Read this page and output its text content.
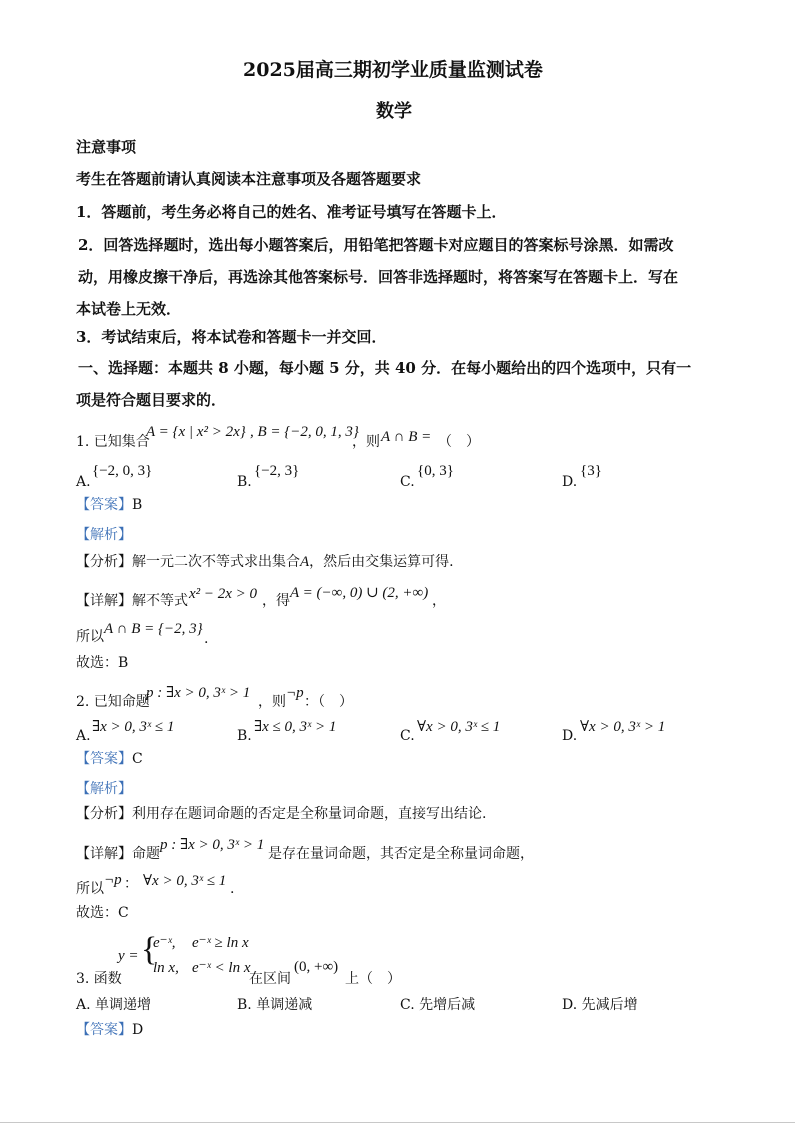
2025届高三期初学业质量监测试卷
数学
注意事项
考生在答题前请认真阅读本注意事项及各题答题要求
1．答题前，考生务必将自己的姓名、准考证号填写在答题卡上．
2．回答选择题时，选出每小题答案后，用铅笔把答题卡对应题目的答案标号涂黑．如需改
动，用橡皮擦干净后，再选涂其他答案标号．回答非选择题时，将答案写在答题卡上．写在
本试卷上无效．
3．考试结束后，将本试卷和答题卡一并交回．
一、选择题：本题共 8 小题，每小题 5 分，共 40 分．在每小题给出的四个选项中，只有一
项是符合题目要求的．
1. 已知集合
A = {x | x² > 2x} , B = {−2, 0, 1, 3}
，则 A ∩ B = （　）
A.
{−2, 0, 3}
B.
{−2, 3}
C.
{0, 3}
D.
{3}
【答案】B
【解析】
【分析】解一元二次不等式求出集合A，然后由交集运算可得.
【详解】 解不等式 x² − 2x > 0 ，得 A = (−∞, 0) ∪ (2, +∞) ，
所以 A ∩ B = {−2, 3}
.
故选：B
2. 已知命题
p : ∃x > 0, 3ˣ > 1
，则
¬p
：（　）
A.
∃x > 0, 3ˣ ≤ 1
B.
∃x ≤ 0, 3ˣ > 1
C.
∀x > 0, 3ˣ ≤ 1
D.
∀x > 0, 3ˣ > 1
【答案】C
【解析】
【分析】利用存在题词命题的否定是全称量词命题，直接写出结论.
【详解】 命题
p : ∃x > 0, 3ˣ > 1
是存在量词命题，其否定是全称量词命题，
所以
¬p ： ∀x > 0, 3ˣ ≤ 1 .
故选：C
3. 函数
y = {
e⁻ˣ, e⁻ˣ ≥ ln x
ln x, e⁻ˣ < ln x
在区间
(0, +∞)
上（　）
A. 单调递增	B. 单调递减	C. 先增后减	D. 先减后增
【答案】D
